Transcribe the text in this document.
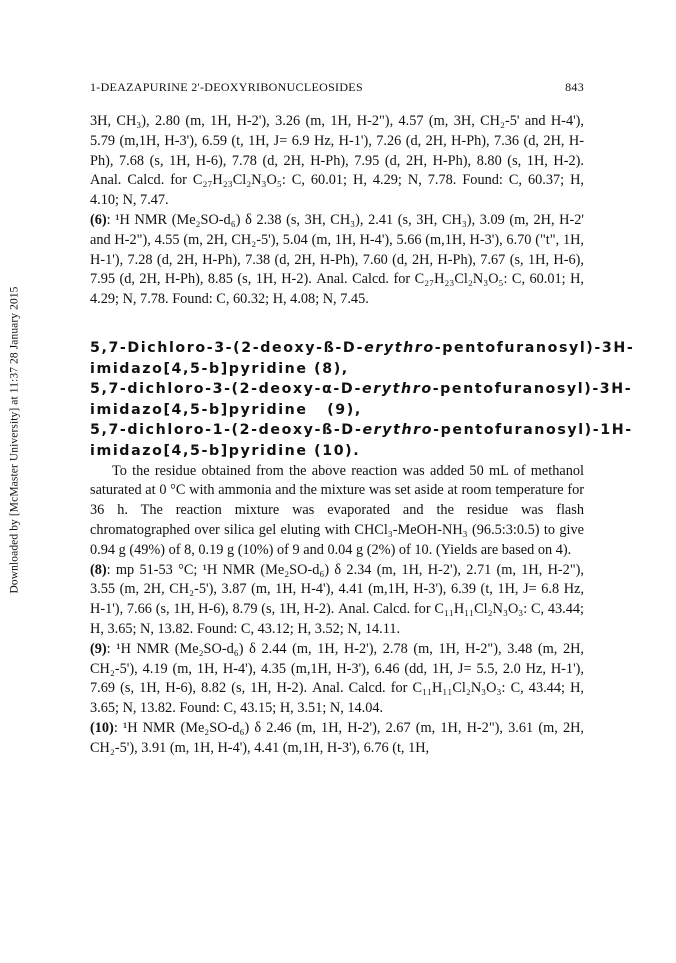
Downloaded by [McMaster University] at 11:37 28 January 2015
1-DEAZAPURINE 2'-DEOXYRIBONUCLEOSIDES	843

3H, CH₃), 2.80 (m, 1H, H-2'), 3.26 (m, 1H, H-2"), 4.57 (m, 3H, CH₂-5' and H-4'), 5.79 (m,1H, H-3'), 6.59 (t, 1H, J= 6.9 Hz, H-1'), 7.26 (d, 2H, H-Ph), 7.36 (d, 2H, H-Ph), 7.68 (s, 1H, H-6), 7.78 (d, 2H, H-Ph), 7.95 (d, 2H, H-Ph), 8.80 (s, 1H, H-2). Anal. Calcd. for C₂₇H₂₃Cl₂N₃O₅: C, 60.01; H, 4.29; N, 7.78. Found: C, 60.37; H, 4.10; N, 7.47.

(6): ¹H NMR (Me₂SO-d₆) δ 2.38 (s, 3H, CH₃), 2.41 (s, 3H, CH₃), 3.09 (m, 2H, H-2' and H-2"), 4.55 (m, 2H, CH₂-5'), 5.04 (m, 1H, H-4'), 5.66 (m,1H, H-3'), 6.70 ("t", 1H, H-1'), 7.28 (d, 2H, H-Ph), 7.38 (d, 2H, H-Ph), 7.60 (d, 2H, H-Ph), 7.67 (s, 1H, H-6), 7.95 (d, 2H, H-Ph), 8.85 (s, 1H, H-2). Anal. Calcd. for C₂₇H₂₃Cl₂N₃O₅: C, 60.01; H, 4.29; N, 7.78. Found: C, 60.32; H, 4.08; N, 7.45.

5,7-Dichloro-3-(2-deoxy-ß-D-erythro-pentofuranosyl)-3H-
imidazo[4,5-b]pyridine (8),
5,7-dichloro-3-(2-deoxy-α-D-erythro-pentofuranosyl)-3H-
imidazo[4,5-b]pyridine   (9),
5,7-dichloro-1-(2-deoxy-ß-D-erythro-pentofuranosyl)-1H-
imidazo[4,5-b]pyridine (10).

To the residue obtained from the above reaction was added 50 mL of methanol saturated at 0 °C with ammonia and the mixture was set aside at room temperature for 36 h. The reaction mixture was evaporated and the residue was flash chromatographed over silica gel eluting with CHCl₃-MeOH-NH₃ (96.5:3:0.5) to give 0.94 g (49%) of 8, 0.19 g (10%) of 9 and 0.04 g (2%) of 10. (Yields are based on 4).

(8): mp 51-53 °C; ¹H NMR (Me₂SO-d₆) δ 2.34 (m, 1H, H-2'), 2.71 (m, 1H, H-2"), 3.55 (m, 2H, CH₂-5'), 3.87 (m, 1H, H-4'), 4.41 (m,1H, H-3'), 6.39 (t, 1H, J= 6.8 Hz, H-1'), 7.66 (s, 1H, H-6), 8.79 (s, 1H, H-2). Anal. Calcd. for C₁₁H₁₁Cl₂N₃O₃: C, 43.44; H, 3.65; N, 13.82. Found: C, 43.12; H, 3.52; N, 14.11.

(9): ¹H NMR (Me₂SO-d₆) δ 2.44 (m, 1H, H-2'), 2.78 (m, 1H, H-2"), 3.48 (m, 2H, CH₂-5'), 4.19 (m, 1H, H-4'), 4.35 (m,1H, H-3'), 6.46 (dd, 1H, J= 5.5, 2.0 Hz, H-1'), 7.69 (s, 1H, H-6), 8.82 (s, 1H, H-2). Anal. Calcd. for C₁₁H₁₁Cl₂N₃O₃: C, 43.44; H, 3.65; N, 13.82. Found: C, 43.15; H, 3.51; N, 14.04.

(10): ¹H NMR (Me₂SO-d₆) δ 2.46 (m, 1H, H-2'), 2.67 (m, 1H, H-2"), 3.61 (m, 2H, CH₂-5'), 3.91 (m, 1H, H-4'), 4.41 (m,1H, H-3'), 6.76 (t, 1H,
